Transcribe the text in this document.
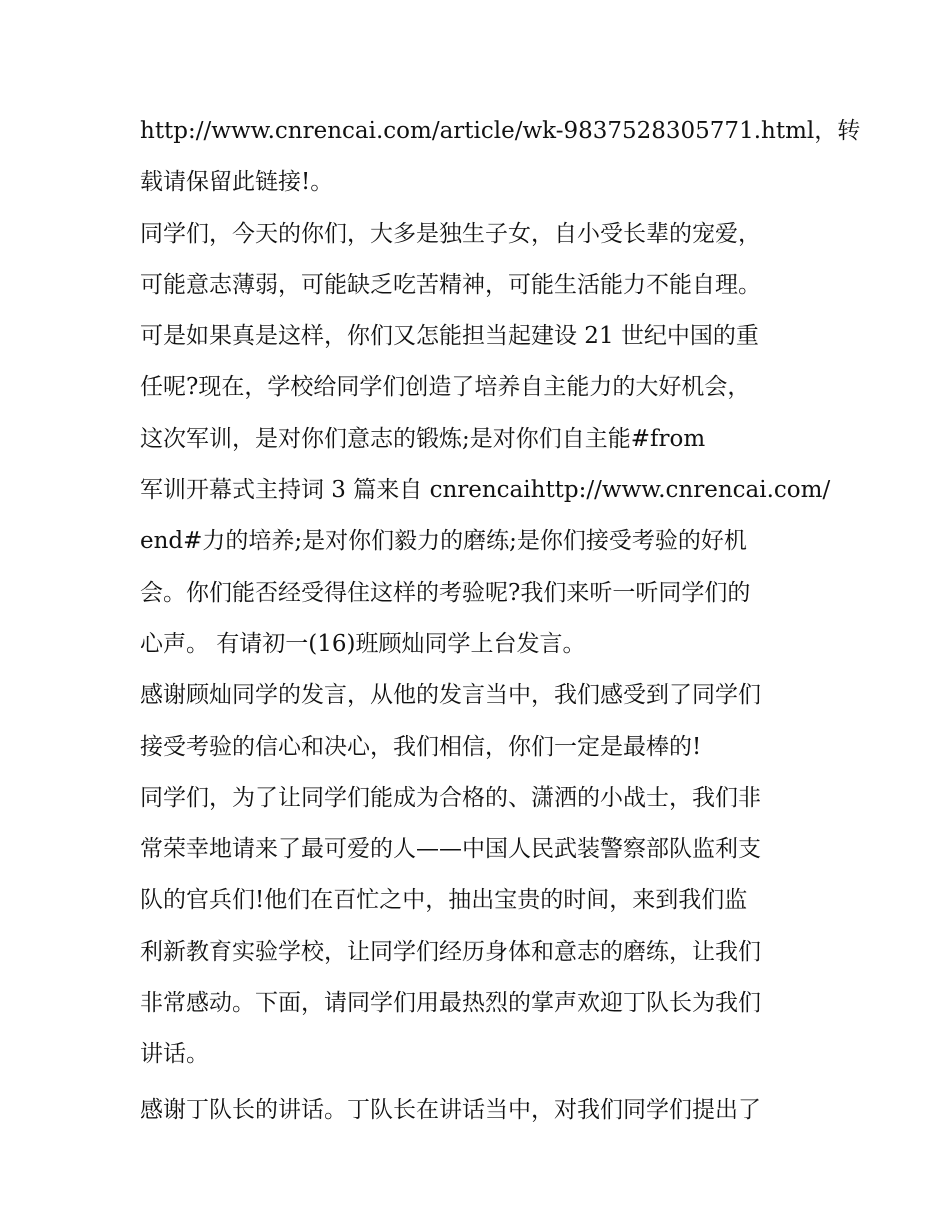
http://www.cnrencai.com/article/wk-9837528305771.html，转
载请保留此链接!。
同学们，今天的你们，大多是独生子女，自小受长辈的宠爱，
可能意志薄弱，可能缺乏吃苦精神，可能生活能力不能自理。
可是如果真是这样，你们又怎能担当起建设 21 世纪中国的重
任呢?现在，学校给同学们创造了培养自主能力的大好机会，
这次军训，是对你们意志的锻炼;是对你们自主能#from
军训开幕式主持词 3 篇来自 cnrencaihttp://www.cnrencai.com/
end#力的培养;是对你们毅力的磨练;是你们接受考验的好机
会。你们能否经受得住这样的考验呢?我们来听一听同学们的
心声。 有请初一(16)班顾灿同学上台发言。
感谢顾灿同学的发言，从他的发言当中，我们感受到了同学们
接受考验的信心和决心，我们相信，你们一定是最棒的!
同学们，为了让同学们能成为合格的、潇洒的小战士，我们非
常荣幸地请来了最可爱的人——中国人民武装警察部队监利支
队的官兵们!他们在百忙之中，抽出宝贵的时间，来到我们监
利新教育实验学校，让同学们经历身体和意志的磨练，让我们
非常感动。下面，请同学们用最热烈的掌声欢迎丁队长为我们
讲话。
感谢丁队长的讲话。丁队长在讲话当中，对我们同学们提出了
